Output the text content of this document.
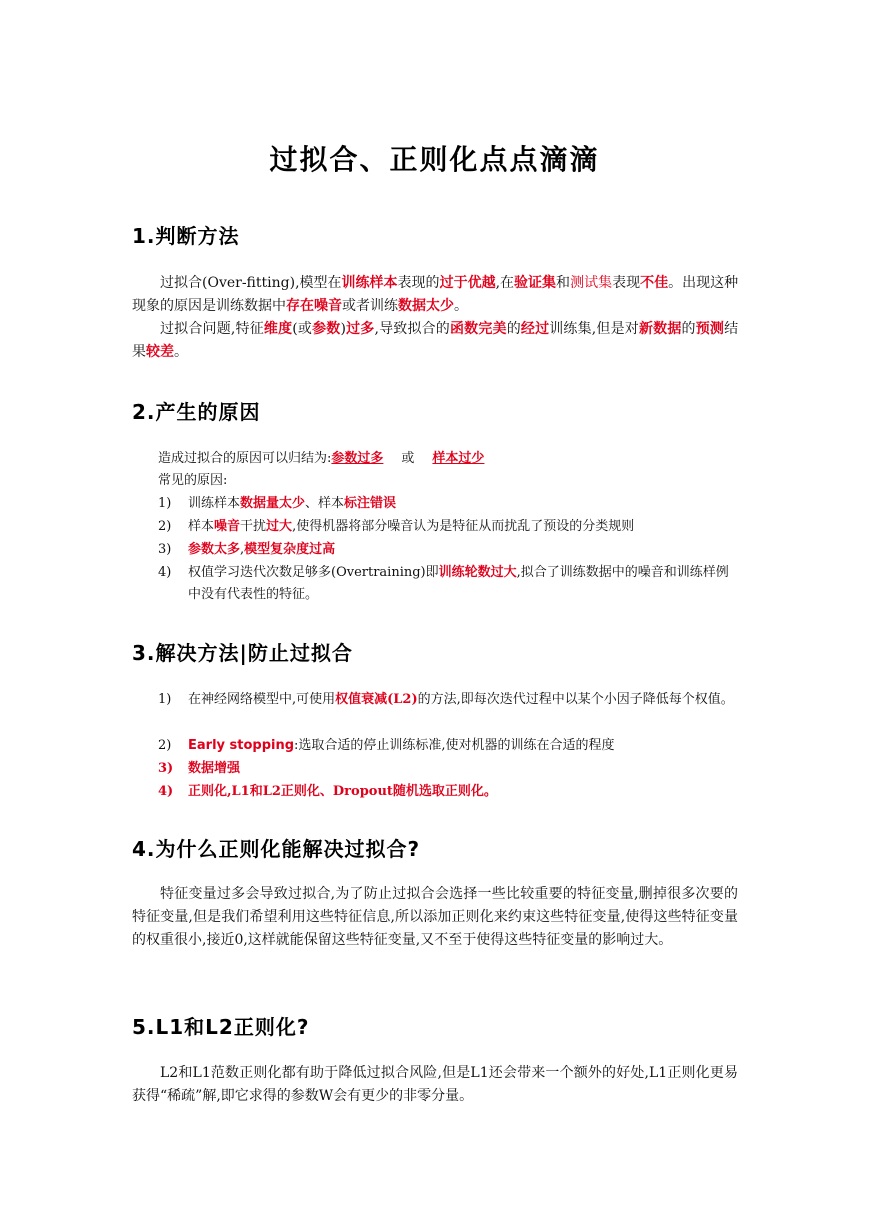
过拟合、正则化点点滴滴
1.判断方法

过拟合(Over-fitting),模型在训练样本表现的过于优越,在验证集和测试集表现不佳。出现这种现象的原因是训练数据中存在噪音或者训练数据太少。

过拟合问题,特征维度(或参数)过多,导致拟合的函数完美的经过训练集,但是对新数据的预测结果较差。

2.产生的原因
造成过拟合的原因可以归结为:参数过多 或 样本过少
常见的原因:
1)	训练样本数据量太少、样本标注错误
2)	样本噪音干扰过大,使得机器将部分噪音认为是特征从而扰乱了预设的分类规则
3)	参数太多,模型复杂度过高
4)	权值学习迭代次数足够多(Overtraining)即训练轮数过大,拟合了训练数据中的噪音和训练样例中没有代表性的特征。
3.解决方法|防止过拟合
1)	在神经网络模型中,可使用权值衰减(L2)的方法,即每次迭代过程中以某个小因子降低每个权值。
2)	Early stopping:选取合适的停止训练标准,使对机器的训练在合适的程度
3)	数据增强
4)	正则化,L1和L2正则化、Dropout随机选取正则化。
4.为什么正则化能解决过拟合?

特征变量过多会导致过拟合,为了防止过拟合会选择一些比较重要的特征变量,删掉很多次要的特征变量,但是我们希望利用这些特征信息,所以添加正则化来约束这些特征变量,使得这些特征变量的权重很小,接近0,这样就能保留这些特征变量,又不至于使得这些特征变量的影响过大。

5.L1和L2正则化?

L2和L1范数正则化都有助于降低过拟合风险,但是L1还会带来一个额外的好处,L1正则化更易获得“稀疏”解,即它求得的参数W会有更少的非零分量。
